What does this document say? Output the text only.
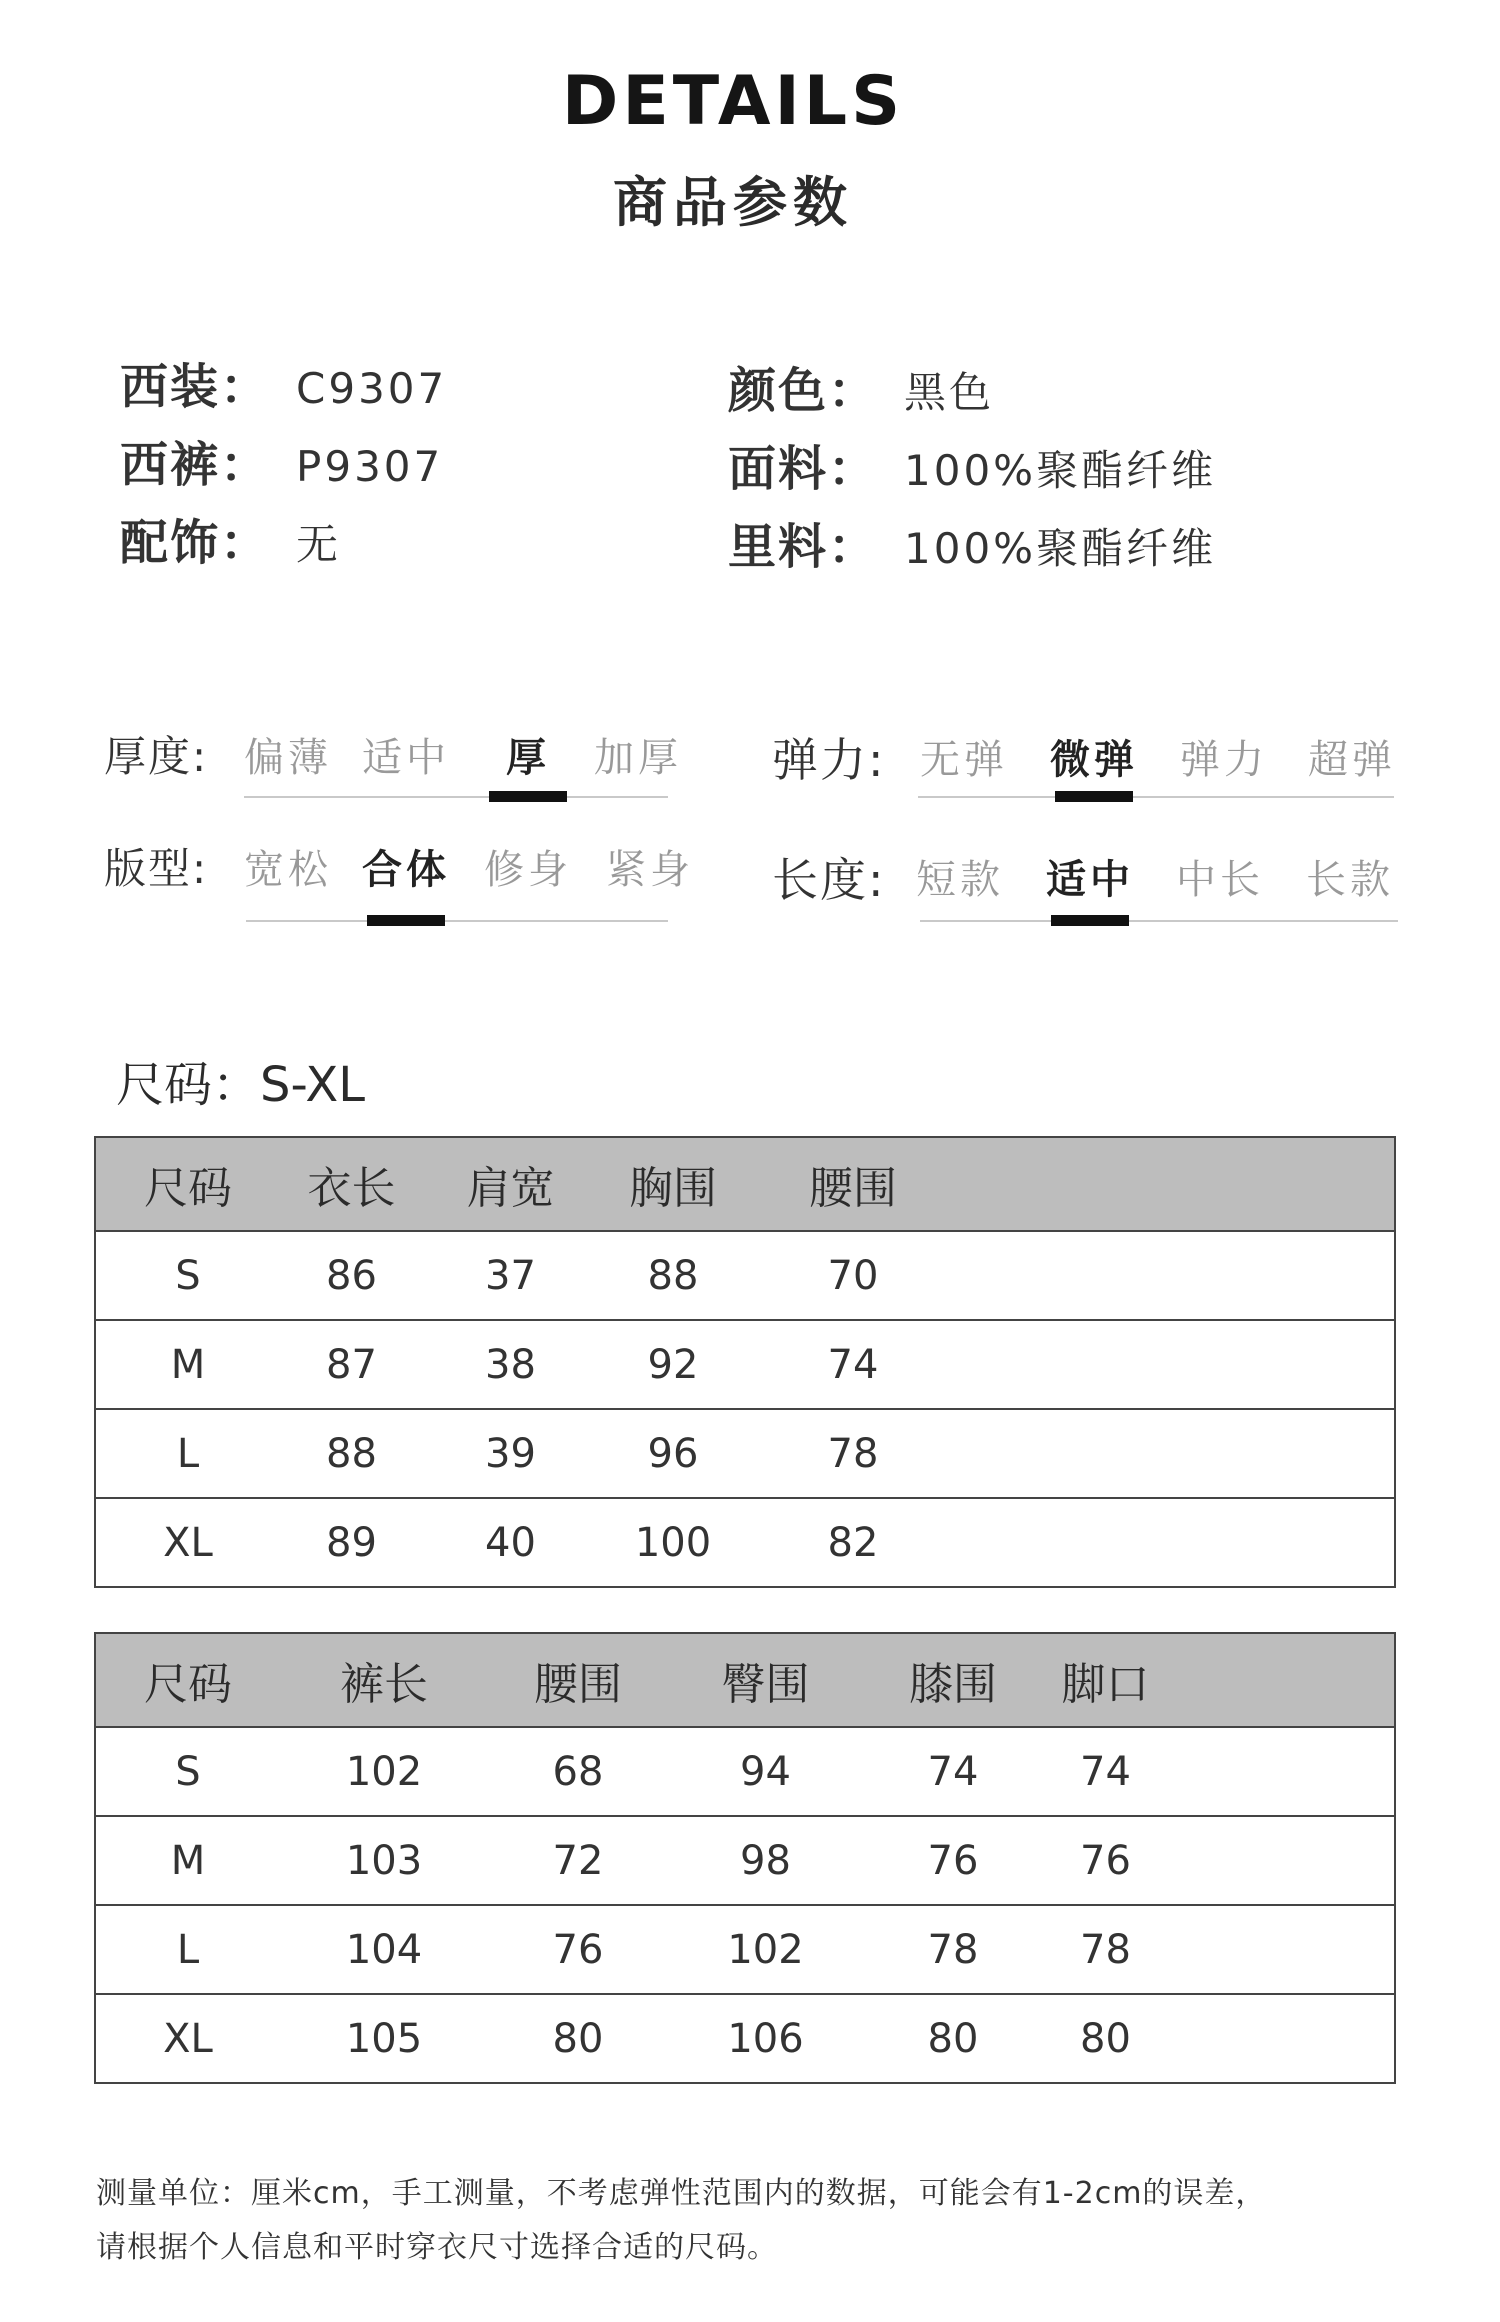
DETAILS
商品参数
西装： C9307
西裤： P9307
配饰： 无
颜色： 黑色
面料： 100%聚酯纤维
里料： 100%聚酯纤维
厚度: 偏薄 适中 厚 加厚 弹力: 无弹 微弹 弹力 超弹
版型: 宽松 合体 修身 紧身 长度: 短款 适中 中长 长款
尺码：S-XL
尺码	衣长	肩宽	胸围	腰围	
S	86	37	88	70	
M	87	38	92	74	
L	88	39	96	78	
XL	89	40	100	82	
尺码	裤长	腰围	臀围	膝围	脚口	
S	102	68	94	74	74	
M	103	72	98	76	76	
L	104	76	102	78	78	
XL	105	80	106	80	80	
测量单位：厘米cm，手工测量，不考虑弹性范围内的数据，可能会有1-2cm的误差，
请根据个人信息和平时穿衣尺寸选择合适的尺码。
